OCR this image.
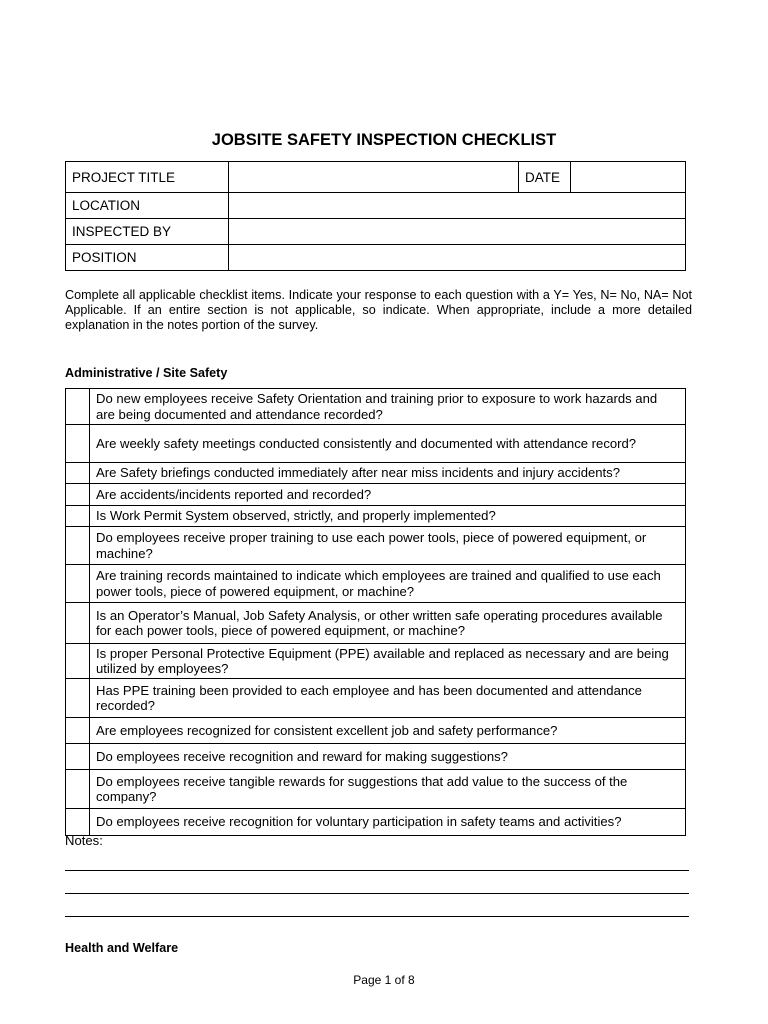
JOBSITE SAFETY INSPECTION CHECKLIST
PROJECT TITLE		DATE	
LOCATION			
INSPECTED BY			
POSITION			
Complete all applicable checklist items. Indicate your response to each question with a Y= Yes, N= No, NA= Not Applicable. If an entire section is not applicable, so indicate. When appropriate, include a more detailed explanation in the notes portion of the survey.
Administrative / Site Safety
	Do new employees receive Safety Orientation and training prior to exposure to work hazards and are being documented and attendance recorded?
	Are weekly safety meetings conducted consistently and documented with attendance record?
	Are Safety briefings conducted immediately after near miss incidents and injury accidents?
	Are accidents/incidents reported and recorded?
	Is Work Permit System observed, strictly, and properly implemented?
	Do employees receive proper training to use each power tools, piece of powered equipment, or machine?
	Are training records maintained to indicate which employees are trained and qualified to use each power tools, piece of powered equipment, or machine?
	Is an Operator’s Manual, Job Safety Analysis, or other written safe operating procedures available for each power tools, piece of powered equipment, or machine?
	Is proper Personal Protective Equipment (PPE) available and replaced as necessary and are being utilized by employees?
	Has PPE training been provided to each employee and has been documented and attendance recorded?
	Are employees recognized for consistent excellent job and safety performance?
	Do employees receive recognition and reward for making suggestions?
	Do employees receive tangible rewards for suggestions that add value to the success of the company?
	Do employees receive recognition for voluntary participation in safety teams and activities?
Notes:
Health and Welfare
Page 1 of 8
